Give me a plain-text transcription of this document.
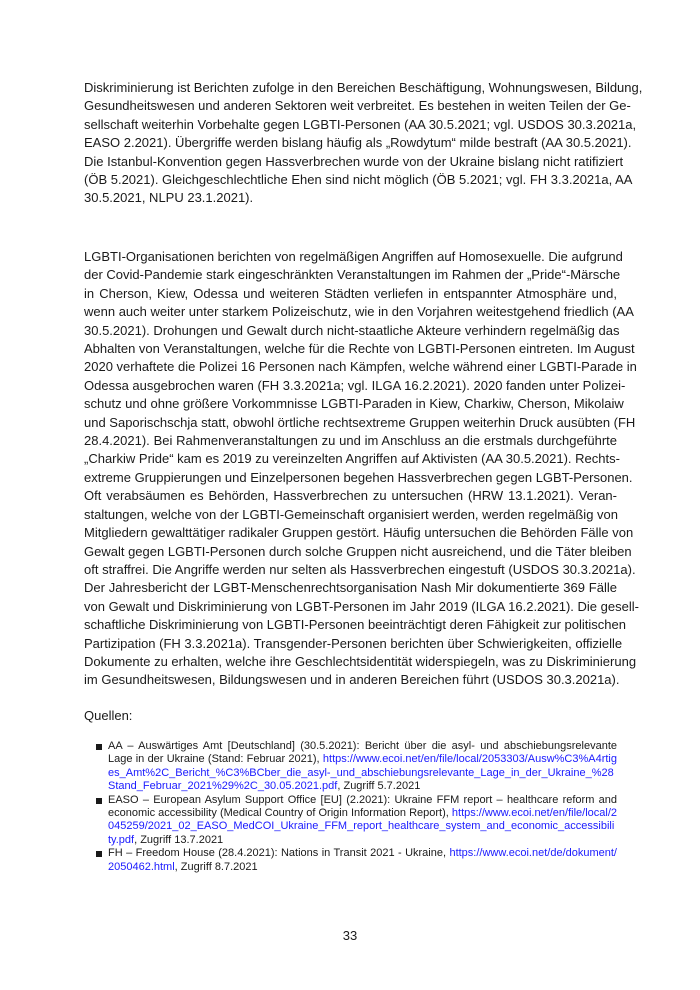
Diskriminierung ist Berichten zufolge in den Bereichen Beschäftigung, Wohnungswesen, Bildung,
Gesundheitswesen und anderen Sektoren weit verbreitet. Es bestehen in weiten Teilen der Ge-
sellschaft weiterhin Vorbehalte gegen LGBTI-Personen (AA 30.5.2021; vgl. USDOS 30.3.2021a,
EASO 2.2021). Übergriffe werden bislang häufig als „Rowdytum“ milde bestraft (AA 30.5.2021).
Die Istanbul-Konvention gegen Hassverbrechen wurde von der Ukraine bislang nicht ratifiziert
(ÖB 5.2021). Gleichgeschlechtliche Ehen sind nicht möglich (ÖB 5.2021; vgl. FH 3.3.2021a, AA
30.5.2021, NLPU 23.1.2021).
LGBTI-Organisationen berichten von regelmäßigen Angriffen auf Homosexuelle. Die aufgrund
der Covid-Pandemie stark eingeschränkten Veranstaltungen im Rahmen der „Pride“-Märsche
in Cherson, Kiew, Odessa und weiteren Städten verliefen in entspannter Atmosphäre und,
wenn auch weiter unter starkem Polizeischutz, wie in den Vorjahren weitestgehend friedlich (AA
30.5.2021). Drohungen und Gewalt durch nicht-staatliche Akteure verhindern regelmäßig das
Abhalten von Veranstaltungen, welche für die Rechte von LGBTI-Personen eintreten. Im August
2020 verhaftete die Polizei 16 Personen nach Kämpfen, welche während einer LGBTI-Parade in
Odessa ausgebrochen waren (FH 3.3.2021a; vgl. ILGA 16.2.2021). 2020 fanden unter Polizei-
schutz und ohne größere Vorkommnisse LGBTI-Paraden in Kiew, Charkiw, Cherson, Mikolaiw
und Saporischschja statt, obwohl örtliche rechtsextreme Gruppen weiterhin Druck ausübten (FH
28.4.2021). Bei Rahmenveranstaltungen zu und im Anschluss an die erstmals durchgeführte
„Charkiw Pride“ kam es 2019 zu vereinzelten Angriffen auf Aktivisten (AA 30.5.2021). Rechts-
extreme Gruppierungen und Einzelpersonen begehen Hassverbrechen gegen LGBT-Personen.
Oft verabsäumen es Behörden, Hassverbrechen zu untersuchen (HRW 13.1.2021). Veran-
staltungen, welche von der LGBTI-Gemeinschaft organisiert werden, werden regelmäßig von
Mitgliedern gewalttätiger radikaler Gruppen gestört. Häufig untersuchen die Behörden Fälle von
Gewalt gegen LGBTI-Personen durch solche Gruppen nicht ausreichend, und die Täter bleiben
oft straffrei. Die Angriffe werden nur selten als Hassverbrechen eingestuft (USDOS 30.3.2021a).
Der Jahresbericht der LGBT-Menschenrechtsorganisation Nash Mir dokumentierte 369 Fälle
von Gewalt und Diskriminierung von LGBT-Personen im Jahr 2019 (ILGA 16.2.2021). Die gesell-
schaftliche Diskriminierung von LGBTI-Personen beeinträchtigt deren Fähigkeit zur politischen
Partizipation (FH 3.3.2021a). Transgender-Personen berichten über Schwierigkeiten, offizielle
Dokumente zu erhalten, welche ihre Geschlechtsidentität widerspiegeln, was zu Diskriminierung
im Gesundheitswesen, Bildungswesen und in anderen Bereichen führt (USDOS 30.3.2021a).
Quellen:
AA – Auswärtiges Amt [Deutschland] (30.5.2021): Bericht über die asyl- und abschiebungsrelevante Lage in der Ukraine (Stand: Februar 2021), https://www.ecoi.net/en/file/local/2053303/Ausw%C3%A4rtiges_Amt%2C_Bericht_%C3%BCber_die_asyl-_und_abschiebungsrelevante_Lage_in_der_Ukraine_%28Stand_Februar_2021%29%2C_30.05.2021.pdf, Zugriff 5.7.2021
EASO – European Asylum Support Office [EU] (2.2021): Ukraine FFM report – healthcare reform and economic accessibility (Medical Country of Origin Information Report), https://www.ecoi.net/en/file/local/2045259/2021_02_EASO_MedCOI_Ukraine_FFM_report_healthcare_system_and_economic_accessibility.pdf, Zugriff 13.7.2021
FH – Freedom House (28.4.2021): Nations in Transit 2021 - Ukraine, https://www.ecoi.net/de/dokument/2050462.html, Zugriff 8.7.2021
33
